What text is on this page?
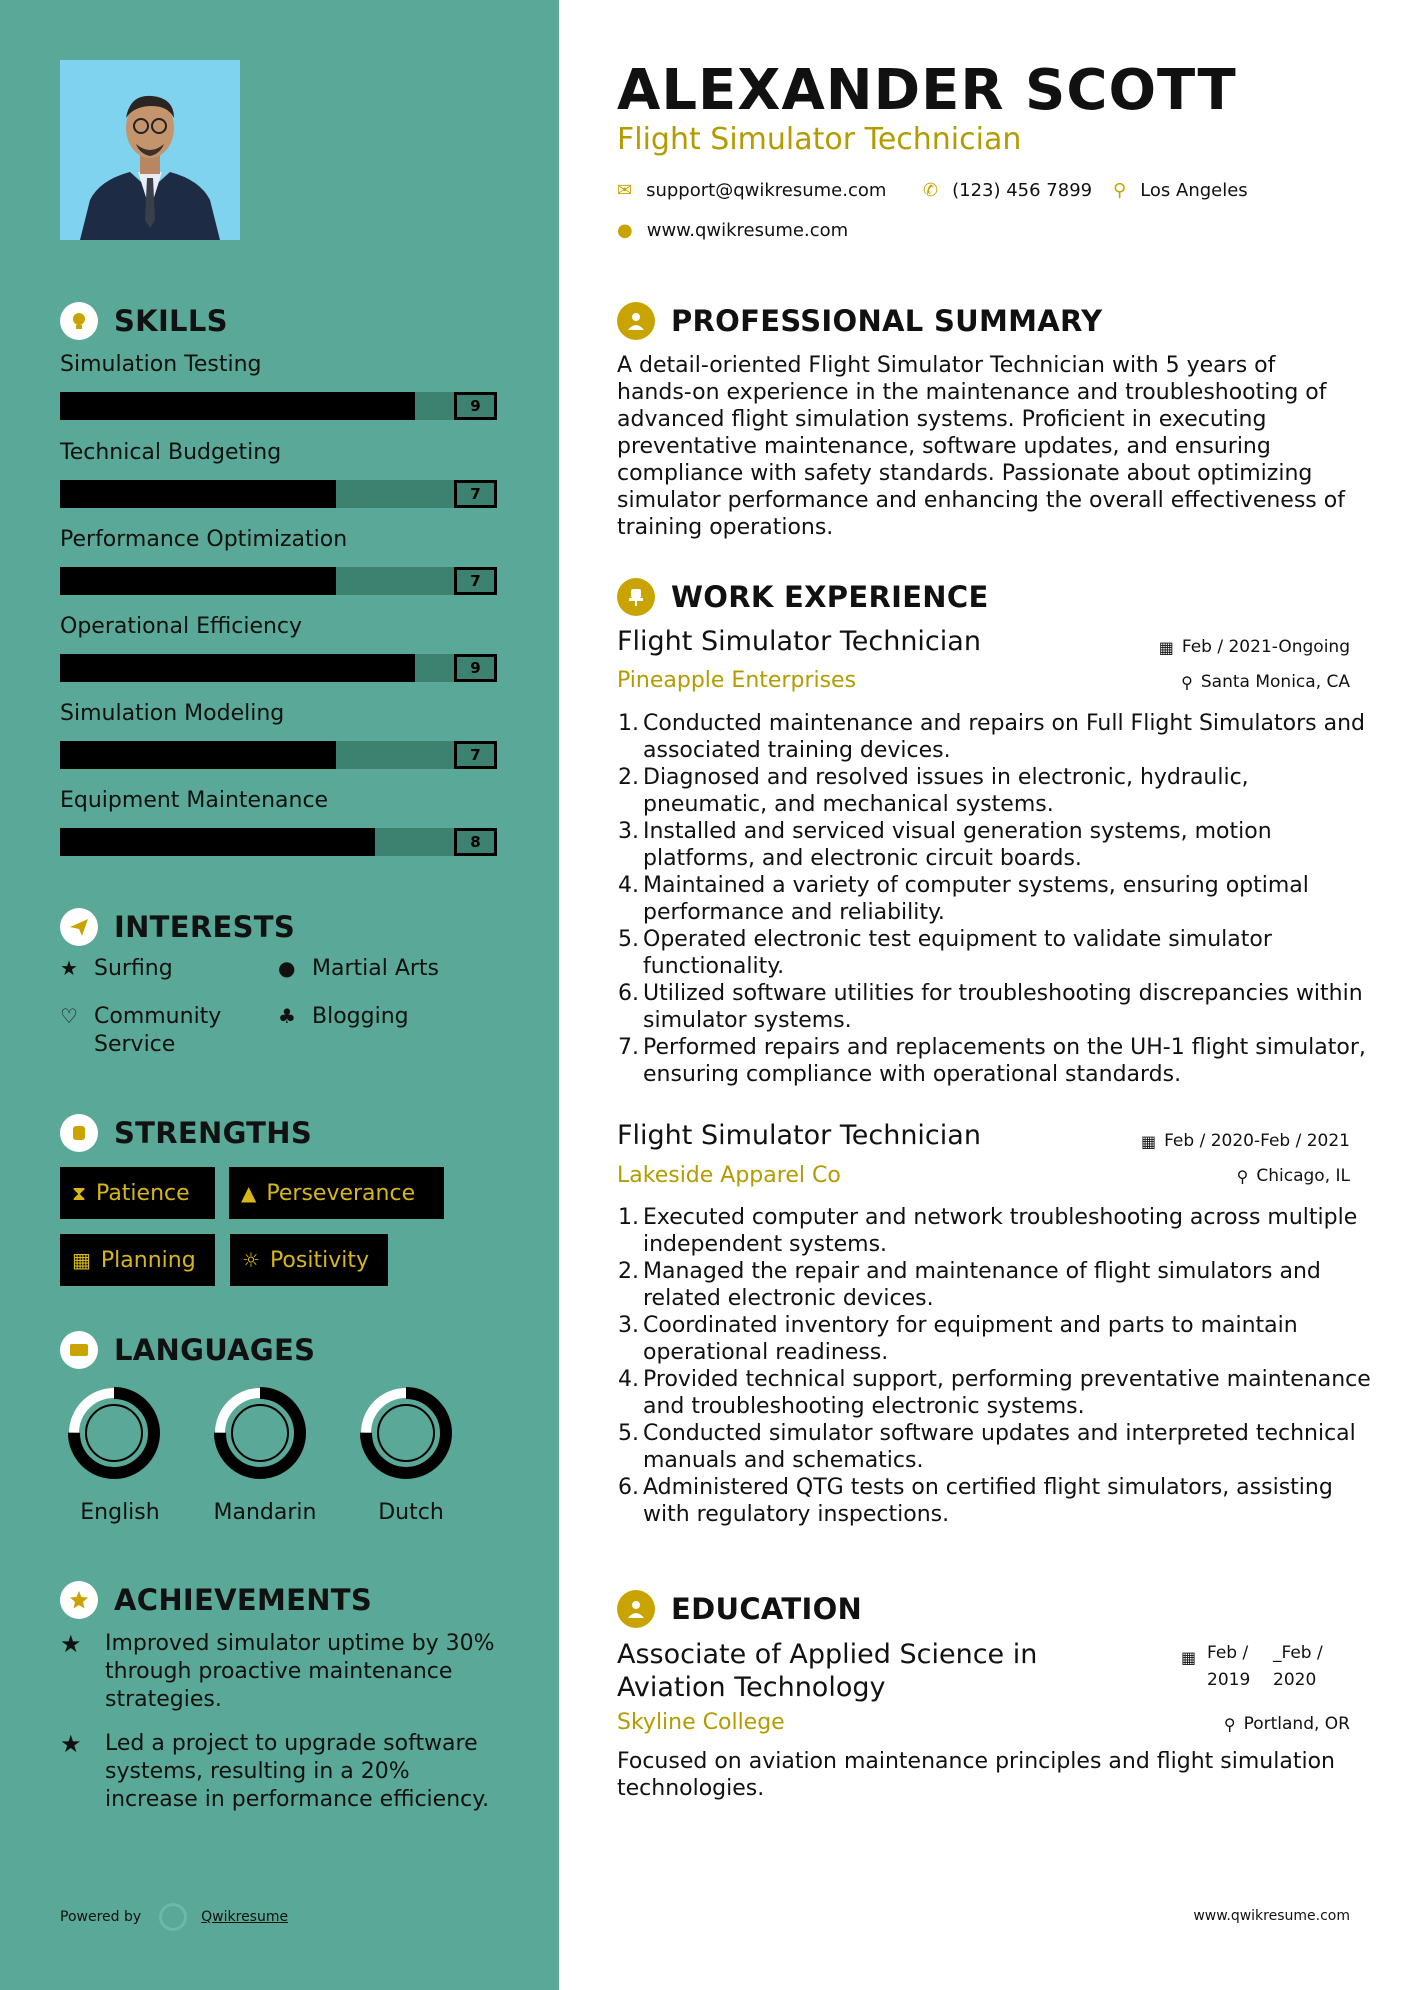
SKILLS
Simulation Testing
9
Technical Budgeting
7
Performance Optimization
7
Operational Efficiency
9
Simulation Modeling
7
Equipment Maintenance
8
INTERESTS
★ Surfing	● Martial Arts
♡ Community Service
♣ Blogging
STRENGTHS
⧗ Patience	▲ Perseverance
▦ Planning ☼ Positivity
LANGUAGES
English	Mandarin	Dutch
ACHIEVEMENTS
★	Improved simulator uptime by 30% through proactive maintenance strategies.
★	Led a project to upgrade software systems, resulting in a 20% increase in performance efficiency.
Powered by	Qwikresume
ALEXANDER SCOTT
Flight Simulator Technician
✉ support@qwikresume.com ✆ (123) 456 7899 ⚲ Los Angeles
● www.qwikresume.com
PROFESSIONAL SUMMARY
A detail-oriented Flight Simulator Technician with 5 years of hands-on experience in the maintenance and troubleshooting of advanced flight simulation systems. Proficient in executing preventative maintenance, software updates, and ensuring compliance with safety standards. Passionate about optimizing simulator performance and enhancing the overall effectiveness of training operations.
WORK EXPERIENCE
Flight Simulator Technician	▦ Feb / 2021-Ongoing
Pineapple Enterprises	⚲ Santa Monica, CA
1. Conducted maintenance and repairs on Full Flight Simulators and associated training devices.
2. Diagnosed and resolved issues in electronic, hydraulic, pneumatic, and mechanical systems.
3. Installed and serviced visual generation systems, motion platforms, and electronic circuit boards.
4. Maintained a variety of computer systems, ensuring optimal performance and reliability.
5. Operated electronic test equipment to validate simulator functionality.
6. Utilized software utilities for troubleshooting discrepancies within simulator systems.
7. Performed repairs and replacements on the UH-1 flight simulator, ensuring compliance with operational standards.
Flight Simulator Technician	▦ Feb / 2020-Feb / 2021
Lakeside Apparel Co	⚲ Chicago, IL
1. Executed computer and network troubleshooting across multiple independent systems.
2. Managed the repair and maintenance of flight simulators and related electronic devices.
3. Coordinated inventory for equipment and parts to maintain operational readiness.
4. Provided technical support, performing preventative maintenance and troubleshooting electronic systems.
5. Conducted simulator software updates and interpreted technical manuals and schematics.
6. Administered QTG tests on certified flight simulators, assisting with regulatory inspections.
EDUCATION
Associate of Applied Science in Aviation Technology
▦ Feb / 2019
_Feb / 2020
Skyline College	⚲ Portland, OR
Focused on aviation maintenance principles and flight simulation technologies.
www.qwikresume.com
